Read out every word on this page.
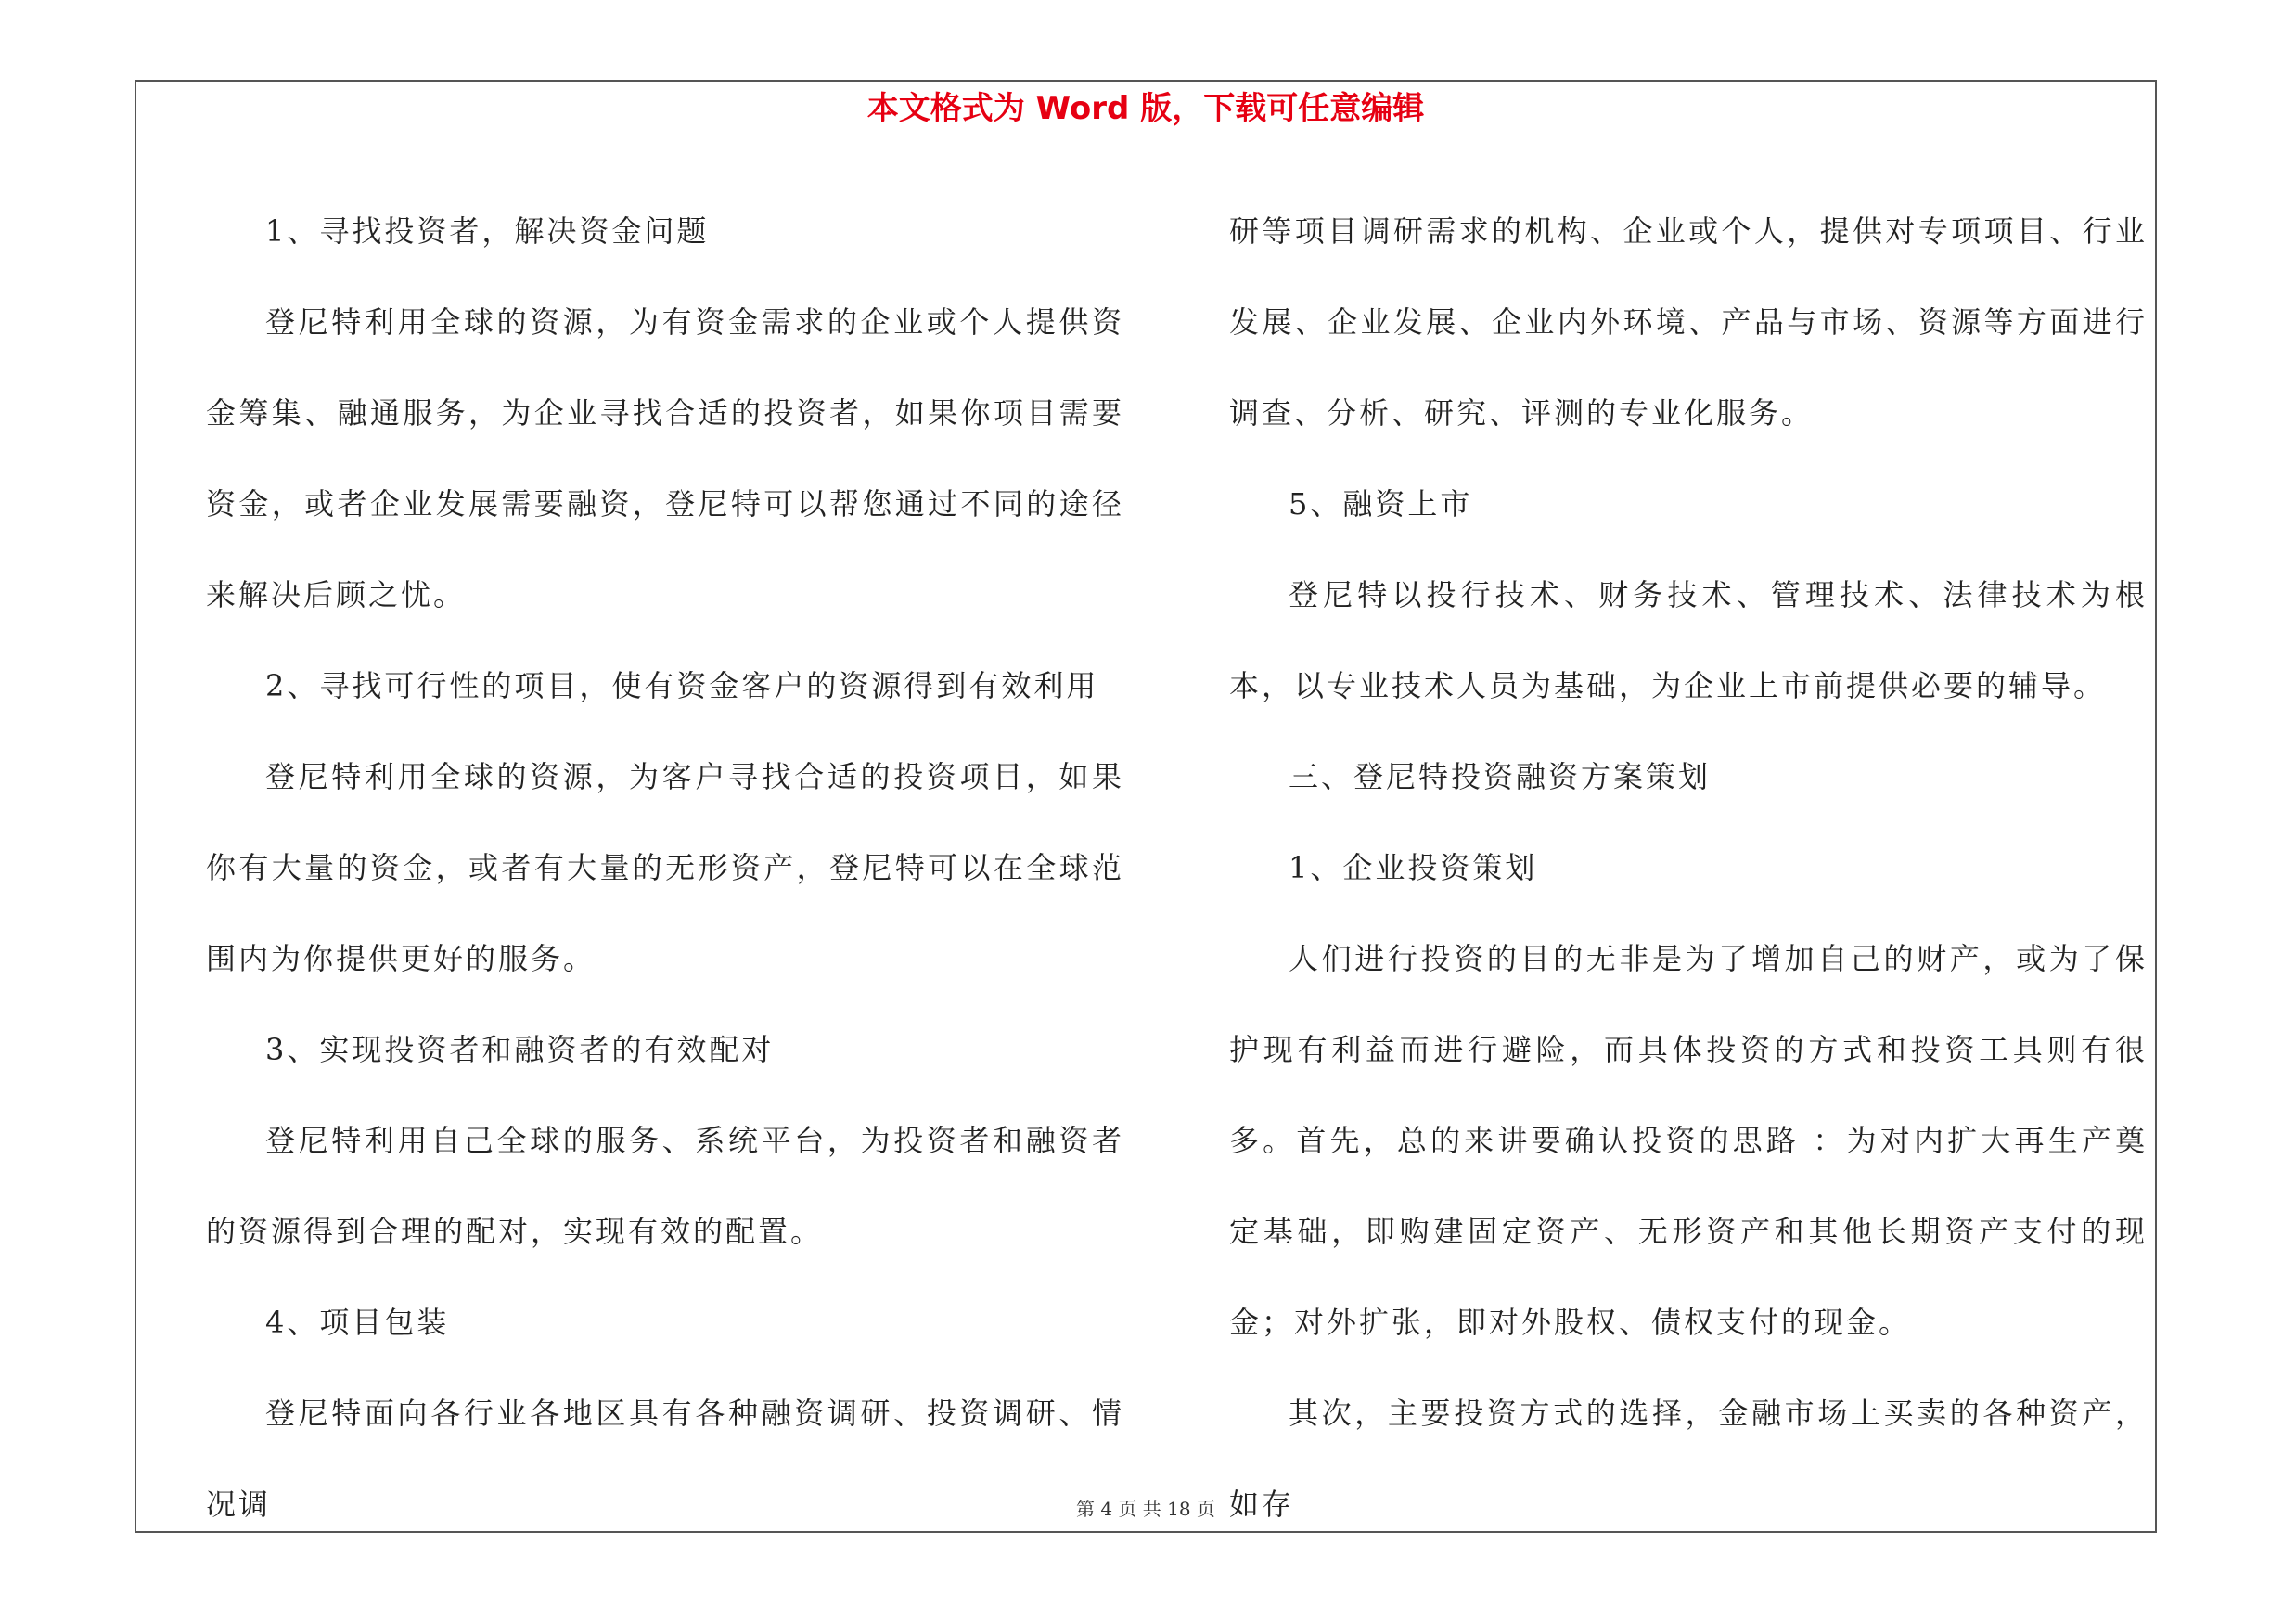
本文格式为 Word 版，下载可任意编辑

1、寻找投资者，解决资金问题

登尼特利用全球的资源，为有资金需求的企业或个人提供资金筹集、融通服务，为企业寻找合适的投资者，如果你项目需要资金，或者企业发展需要融资，登尼特可以帮您通过不同的途径来解决后顾之忧。

2、寻找可行性的项目，使有资金客户的资源得到有效利用

登尼特利用全球的资源，为客户寻找合适的投资项目，如果你有大量的资金，或者有大量的无形资产，登尼特可以在全球范围内为你提供更好的服务。

3、实现投资者和融资者的有效配对

登尼特利用自己全球的服务、系统平台，为投资者和融资者的资源得到合理的配对，实现有效的配置。

4、项目包装

登尼特面向各行业各地区具有各种融资调研、投资调研、情况调

研等项目调研需求的机构、企业或个人，提供对专项项目、行业发展、企业发展、企业内外环境、产品与市场、资源等方面进行调查、分析、研究、评测的专业化服务。

5、融资上市

登尼特以投行技术、财务技术、管理技术、法律技术为根本，以专业技术人员为基础，为企业上市前提供必要的辅导。

三、登尼特投资融资方案策划

1、企业投资策划

人们进行投资的目的无非是为了增加自己的财产，或为了保护现有利益而进行避险，而具体投资的方式和投资工具则有很多。首先，总的来讲要确认投资的思路 ：为对内扩大再生产奠定基础，即购建固定资产、无形资产和其他长期资产支付的现金；对外扩张，即对外股权、债权支付的现金。

其次，主要投资方式的选择，金融市场上买卖的各种资产，如存

第 4 页 共 18 页
